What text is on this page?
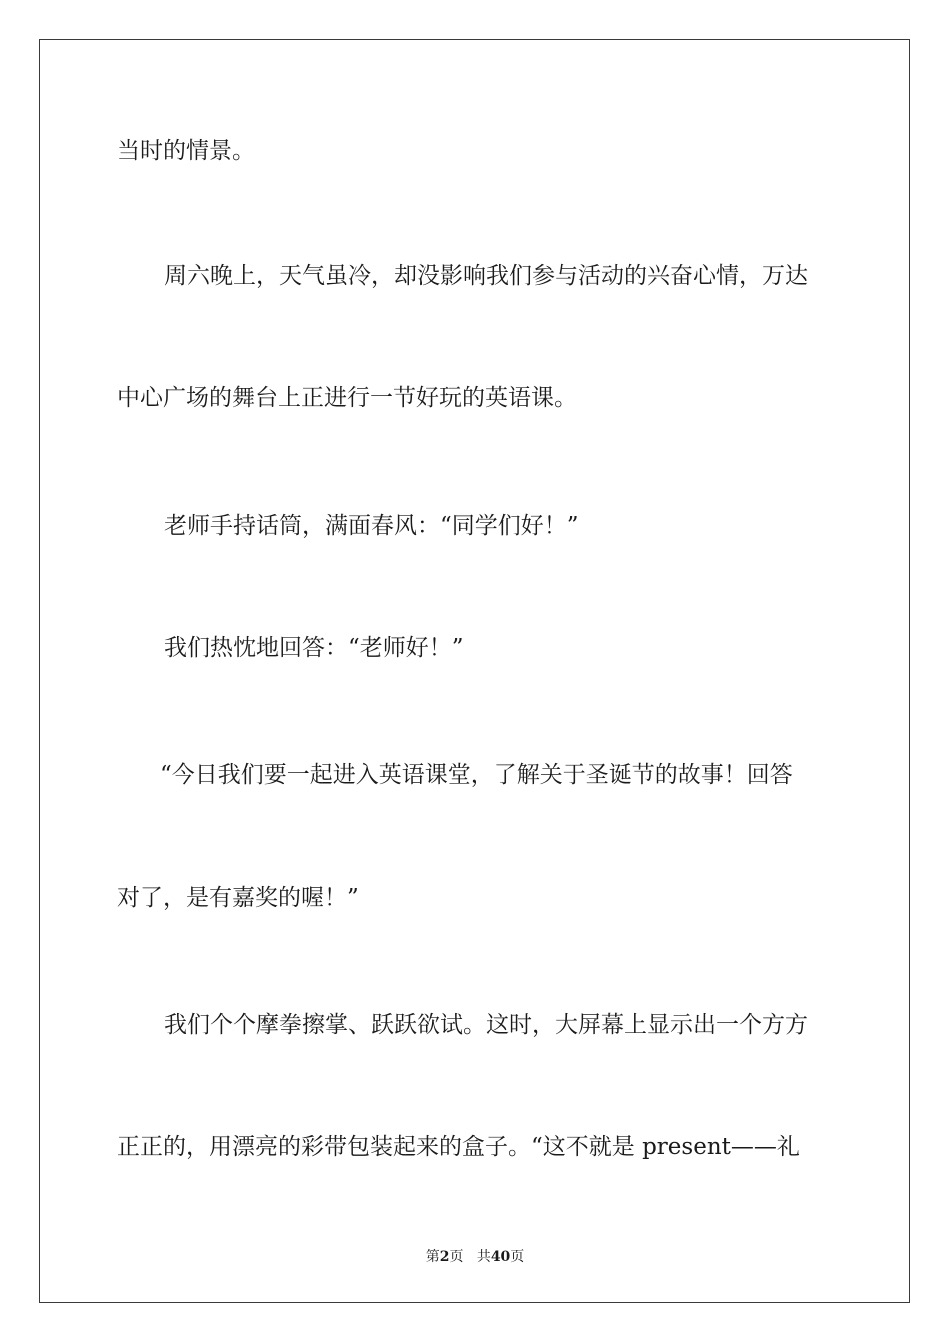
当时的情景。
周六晚上，天气虽冷，却没影响我们参与活动的兴奋心情，万达
中心广场的舞台上正进行一节好玩的英语课。
老师手持话筒，满面春风：“同学们好！”
我们热忱地回答：“老师好！”
“今日我们要一起进入英语课堂，了解关于圣诞节的故事！回答
对了，是有嘉奖的喔！”
我们个个摩拳擦掌、跃跃欲试。这时，大屏幕上显示出一个方方
正正的，用漂亮的彩带包装起来的盒子。“这不就是 present——礼
第2页 共40页
